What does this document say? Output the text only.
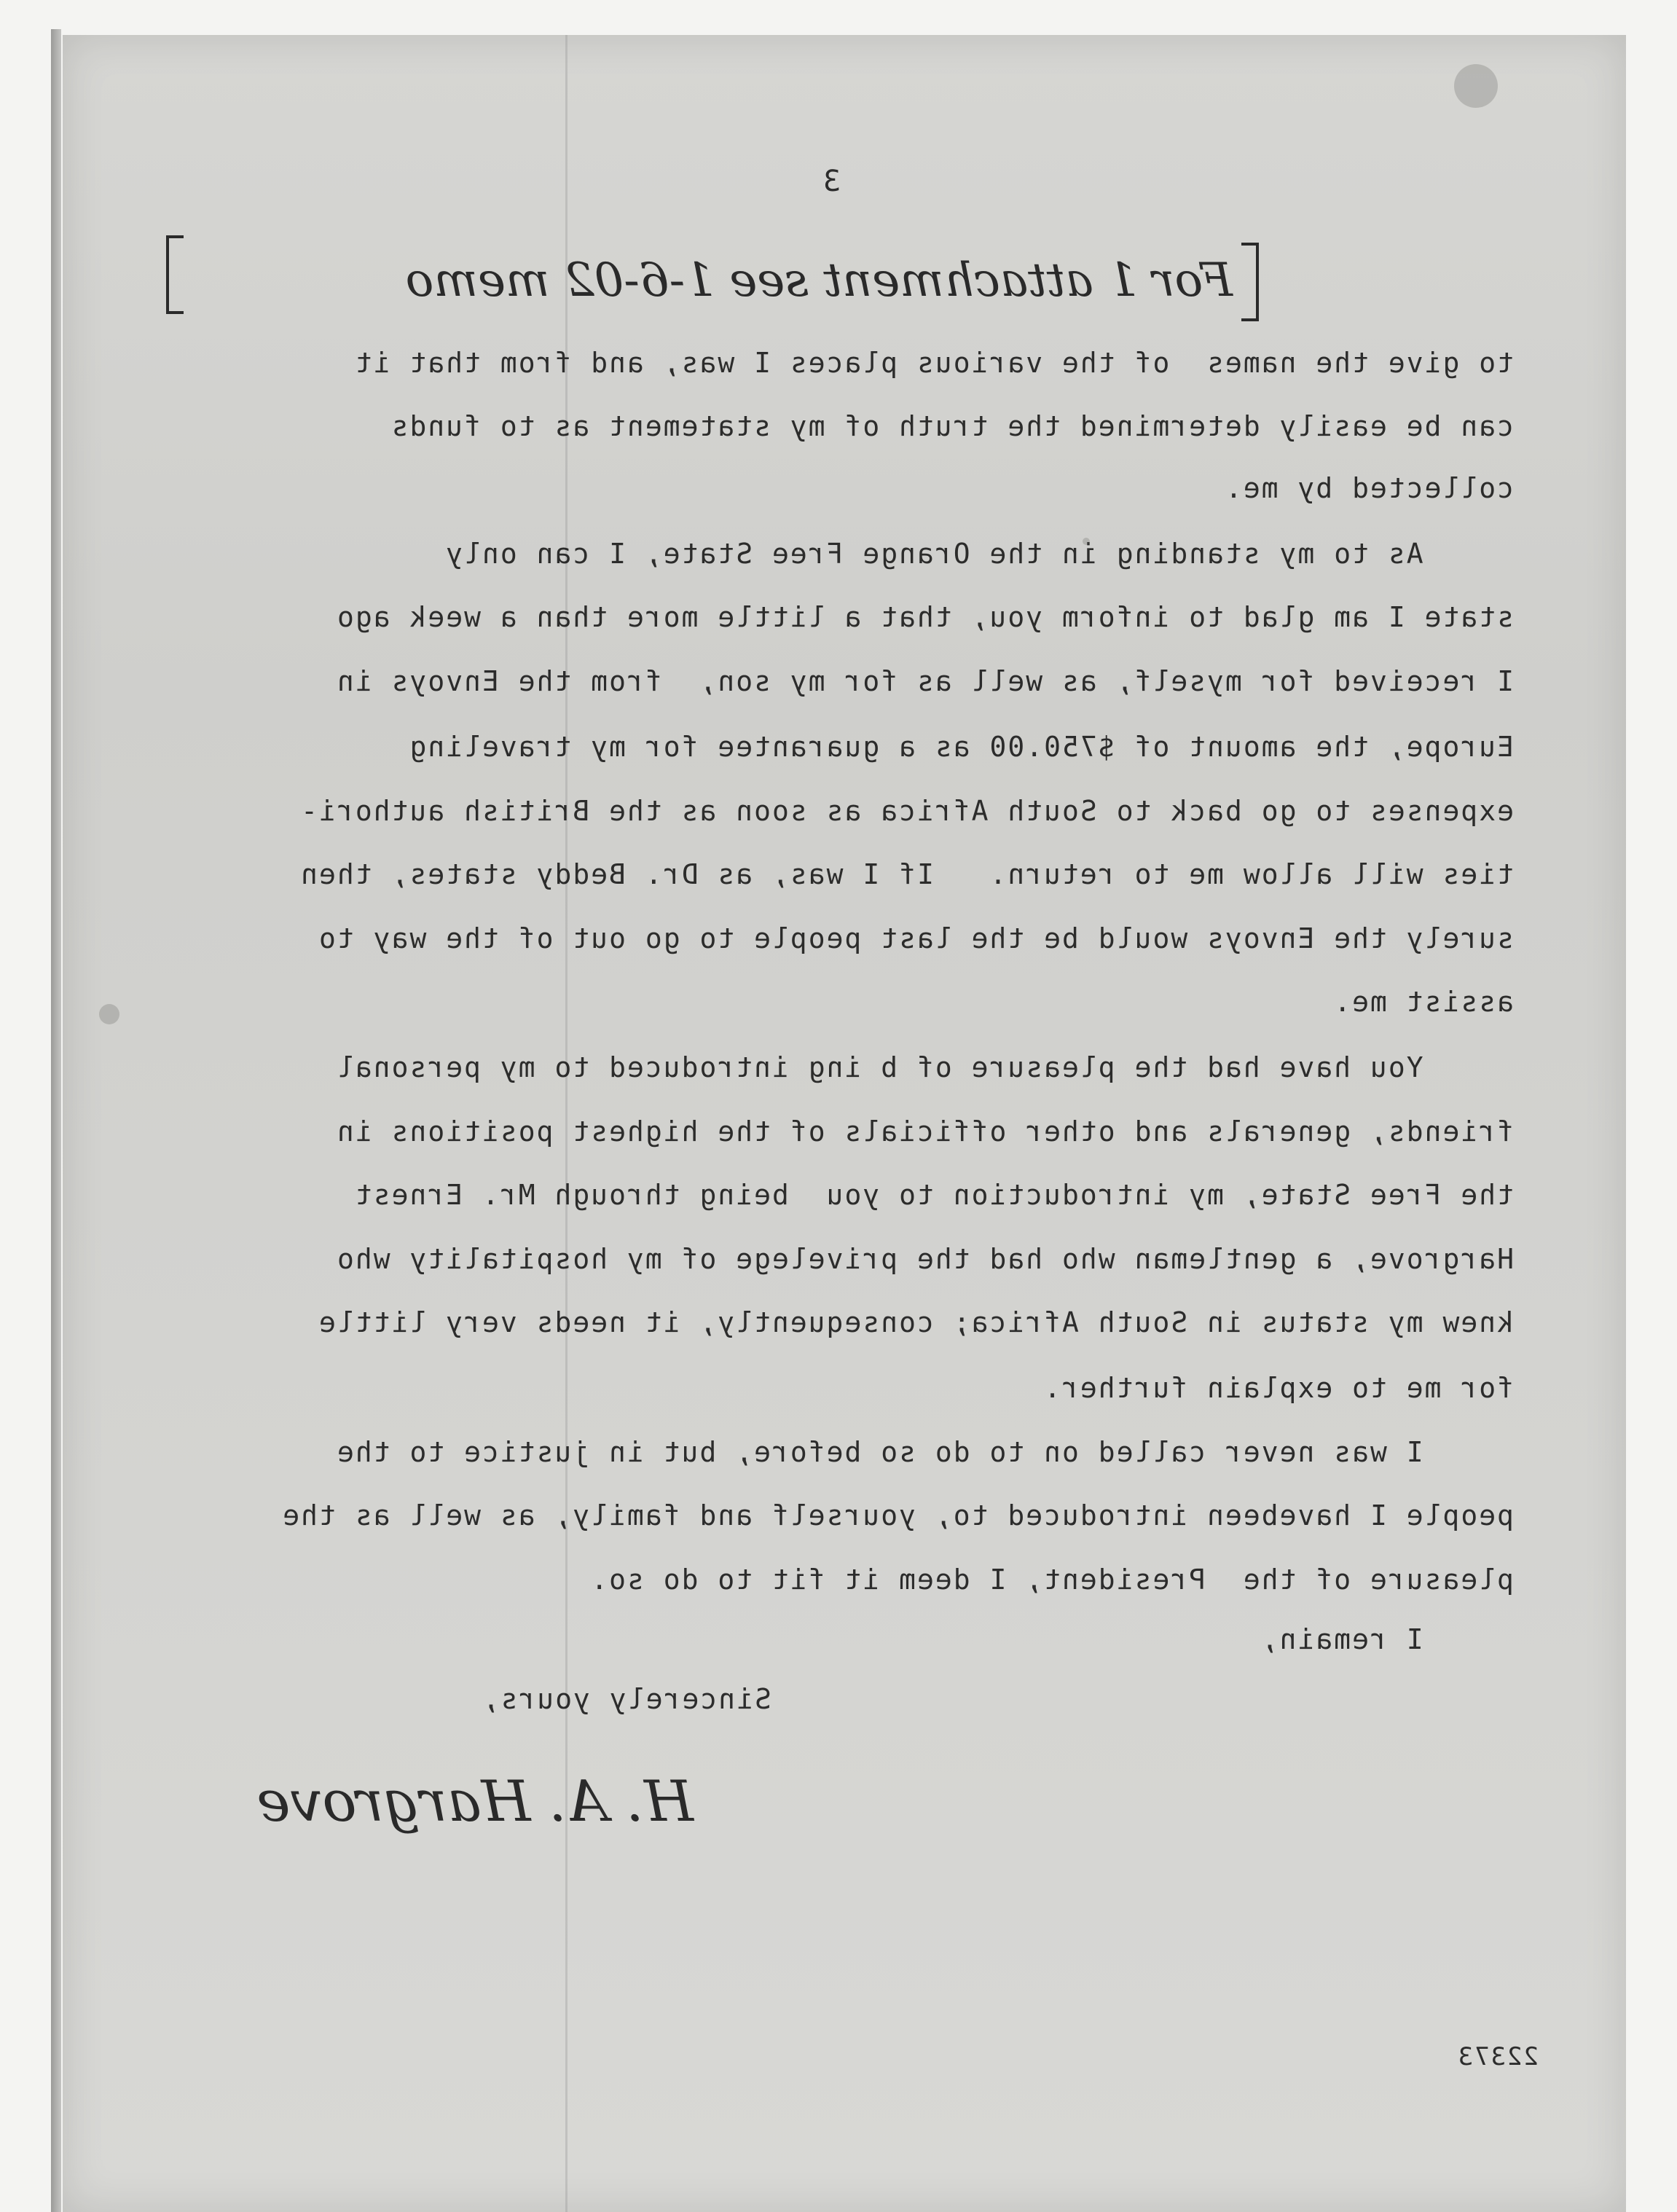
3
For 1 attachment see 1-6-02 memo
to give the names  of the various places I was, and from that it
can be easily determined the truth of my statement as to funds
collected by me.
As to my standing in the Orange Free State, I can only
state I am glad to inform you, that a little more than a week ago
I received for myself, as well as for my son,  from the Envoys in
Europe, the amount of $750.00 as a guarantee for my traveling
expenses to go back to South Africa as soon as the British authori-
ties will allow me to return.   If I was, as Dr. Beddy states, then
surely the Envoys would be the last people to go out of the way to
assist me.
You have had the pleasure of b ing introduced to my personal
friends, generals and other officials of the highest positions in
the Free State, my introduction to you  being through Mr. Ernest
Hargrove, a gentleman who had the privelege of my hospitality who
knew my status in South Africa; consequently, it needs very little
for me to explain further.
I was never called on to do so before, but in justice to the
people I havebeen introduced to, yourself and family, as well as the
pleasure of the  President, I deem it fit to do so.
I remain,
Sincerely yours,
H. A. Hargrove
22373
